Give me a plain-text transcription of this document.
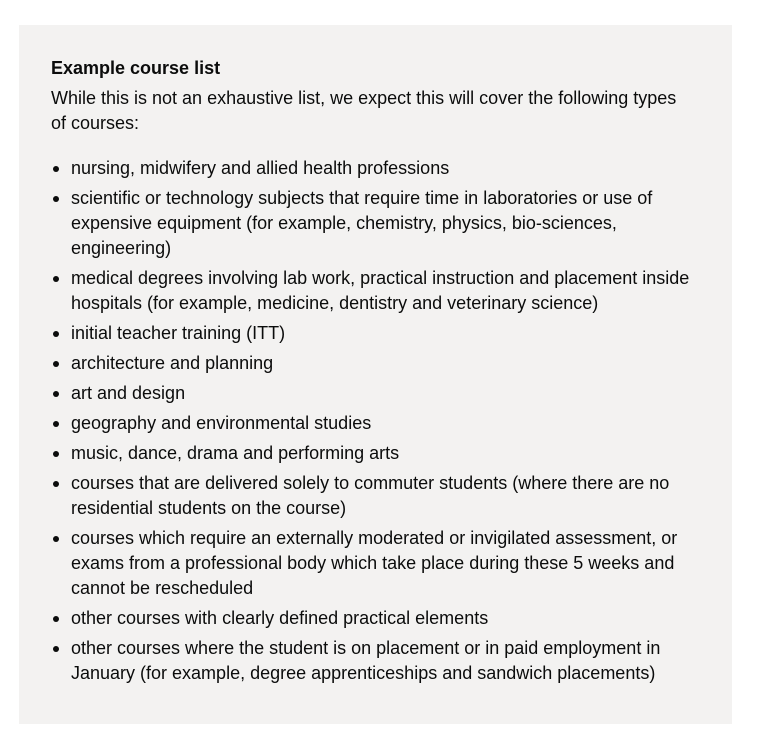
Example course list

While this is not an exhaustive list, we expect this will cover the following types of courses:

nursing, midwifery and allied health professions
scientific or technology subjects that require time in laboratories or use of expensive equipment (for example, chemistry, physics, bio-sciences, engineering)
medical degrees involving lab work, practical instruction and placement inside hospitals (for example, medicine, dentistry and veterinary science)
initial teacher training (ITT)
architecture and planning
art and design
geography and environmental studies
music, dance, drama and performing arts
courses that are delivered solely to commuter students (where there are no residential students on the course)
courses which require an externally moderated or invigilated assessment, or exams from a professional body which take place during these 5 weeks and cannot be rescheduled
other courses with clearly defined practical elements
other courses where the student is on placement or in paid employment in January (for example, degree apprenticeships and sandwich placements)
